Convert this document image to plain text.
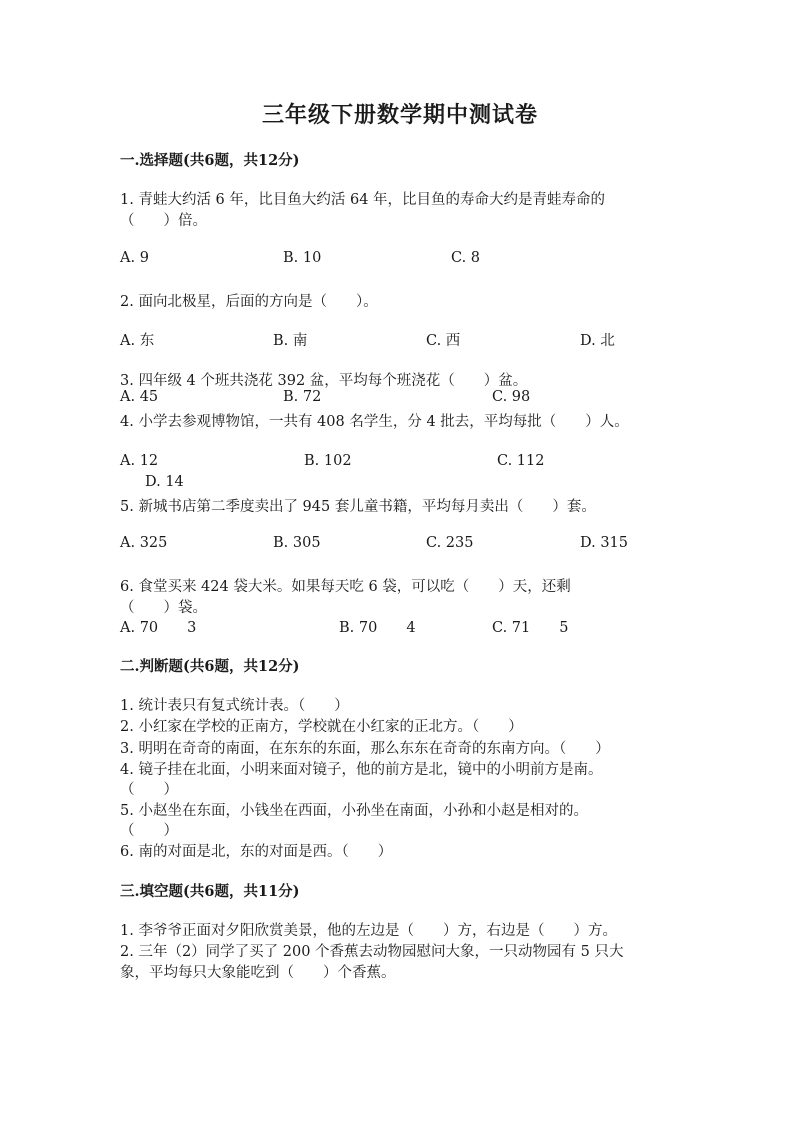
三年级下册数学期中测试卷
一.选择题(共6题，共12分)
1. 青蛙大约活 6 年，比目鱼大约活 64 年，比目鱼的寿命大约是青蛙寿命的
（　　）倍。
A. 9	B. 10	C. 8
2. 面向北极星，后面的方向是（　　）。
A. 东	B. 南	C. 西	D. 北
3. 四年级 4 个班共浇花 392 盆，平均每个班浇花（　　）盆。
A. 45	B. 72	C. 98
4. 小学去参观博物馆，一共有 408 名学生，分 4 批去，平均每批（　　）人。
A. 12	B. 102	C. 112
D. 14
5. 新城书店第二季度卖出了 945 套儿童书籍，平均每月卖出（　　）套。
A. 325	B. 305	C. 235	D. 315
6. 食堂买来 424 袋大米。如果每天吃 6 袋，可以吃（　　）天，还剩
（　　）袋。
A. 70　　3	B. 70　　4	C. 71　　5
二.判断题(共6题，共12分)
1. 统计表只有复式统计表。（　　）
2. 小红家在学校的正南方，学校就在小红家的正北方。（　　）
3. 明明在奇奇的南面，在东东的东面，那么东东在奇奇的东南方向。（　　）
4. 镜子挂在北面，小明来面对镜子，他的前方是北，镜中的小明前方是南。
（　　）
5. 小赵坐在东面，小钱坐在西面，小孙坐在南面，小孙和小赵是相对的。
（　　）
6. 南的对面是北，东的对面是西。（　　）
三.填空题(共6题，共11分)
1. 李爷爷正面对夕阳欣赏美景，他的左边是（　　）方，右边是（　　）方。
2. 三年（2）同学了买了 200 个香蕉去动物园慰问大象，一只动物园有 5 只大
象，平均每只大象能吃到（　　）个香蕉。
